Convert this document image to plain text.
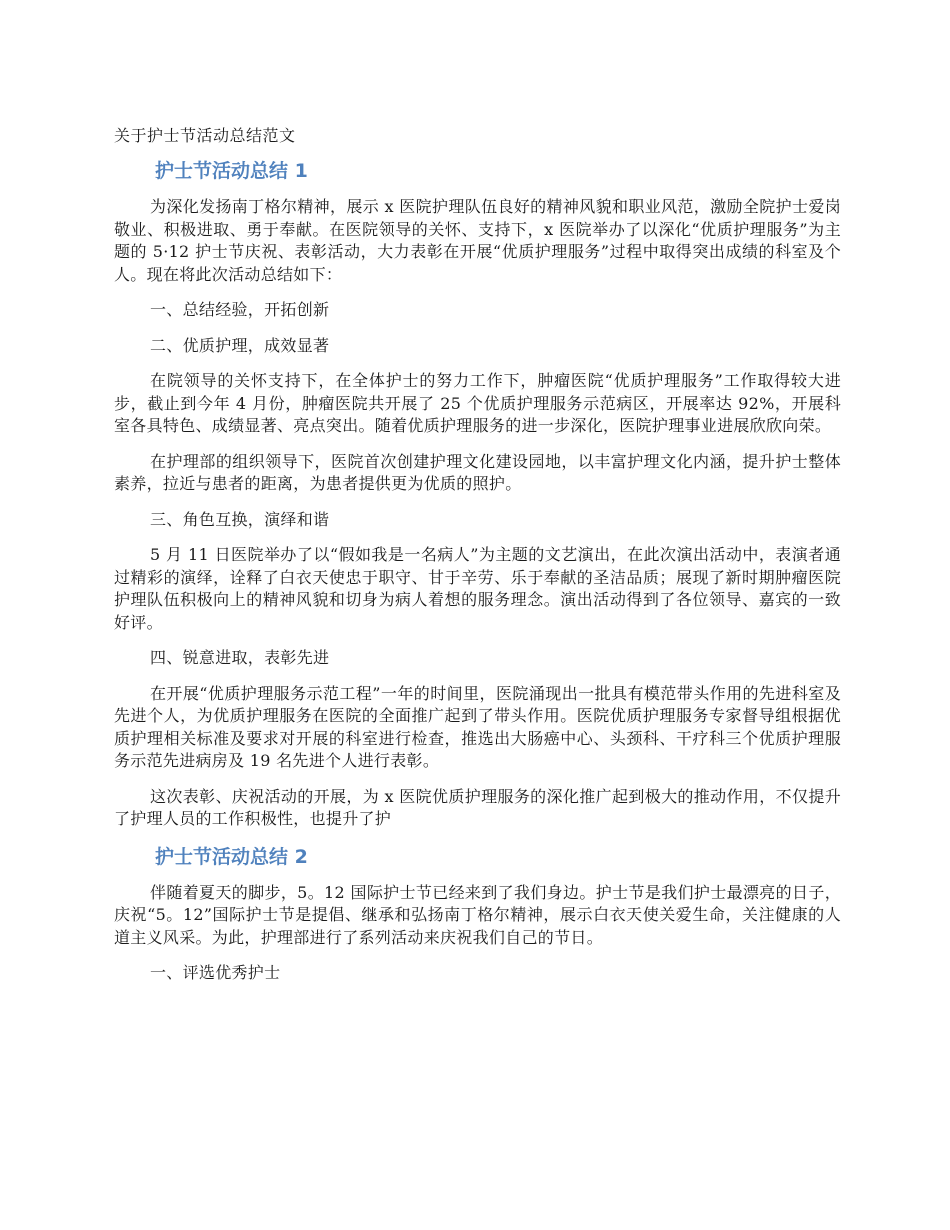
关于护士节活动总结范文
护士节活动总结 1

为深化发扬南丁格尔精神，展示 x 医院护理队伍良好的精神风貌和职业风范，激励全院护士爱岗敬业、积极进取、勇于奉献。在医院领导的关怀、支持下，x 医院举办了以深化“优质护理服务”为主题的 5·12 护士节庆祝、表彰活动，大力表彰在开展“优质护理服务”过程中取得突出成绩的科室及个人。现在将此次活动总结如下：

一、总结经验，开拓创新

二、优质护理，成效显著

在院领导的关怀支持下，在全体护士的努力工作下，肿瘤医院“优质护理服务”工作取得较大进步，截止到今年 4 月份，肿瘤医院共开展了 25 个优质护理服务示范病区，开展率达 92%，开展科室各具特色、成绩显著、亮点突出。随着优质护理服务的进一步深化，医院护理事业进展欣欣向荣。

在护理部的组织领导下，医院首次创建护理文化建设园地，以丰富护理文化内涵，提升护士整体素养，拉近与患者的距离，为患者提供更为优质的照护。

三、角色互换，演绎和谐

5 月 11 日医院举办了以“假如我是一名病人”为主题的文艺演出，在此次演出活动中，表演者通过精彩的演绎，诠释了白衣天使忠于职守、甘于辛劳、乐于奉献的圣洁品质；展现了新时期肿瘤医院护理队伍积极向上的精神风貌和切身为病人着想的服务理念。演出活动得到了各位领导、嘉宾的一致好评。

四、锐意进取，表彰先进

在开展“优质护理服务示范工程”一年的时间里，医院涌现出一批具有模范带头作用的先进科室及先进个人，为优质护理服务在医院的全面推广起到了带头作用。医院优质护理服务专家督导组根据优质护理相关标准及要求对开展的科室进行检查，推选出大肠癌中心、头颈科、干疗科三个优质护理服务示范先进病房及 19 名先进个人进行表彰。

这次表彰、庆祝活动的开展，为 x 医院优质护理服务的深化推广起到极大的推动作用，不仅提升了护理人员的工作积极性，也提升了护

护士节活动总结 2

伴随着夏天的脚步，5。12 国际护士节已经来到了我们身边。护士节是我们护士最漂亮的日子，庆祝“5。12”国际护士节是提倡、继承和弘扬南丁格尔精神，展示白衣天使关爱生命，关注健康的人道主义风采。为此，护理部进行了系列活动来庆祝我们自己的节日。

一、评选优秀护士
